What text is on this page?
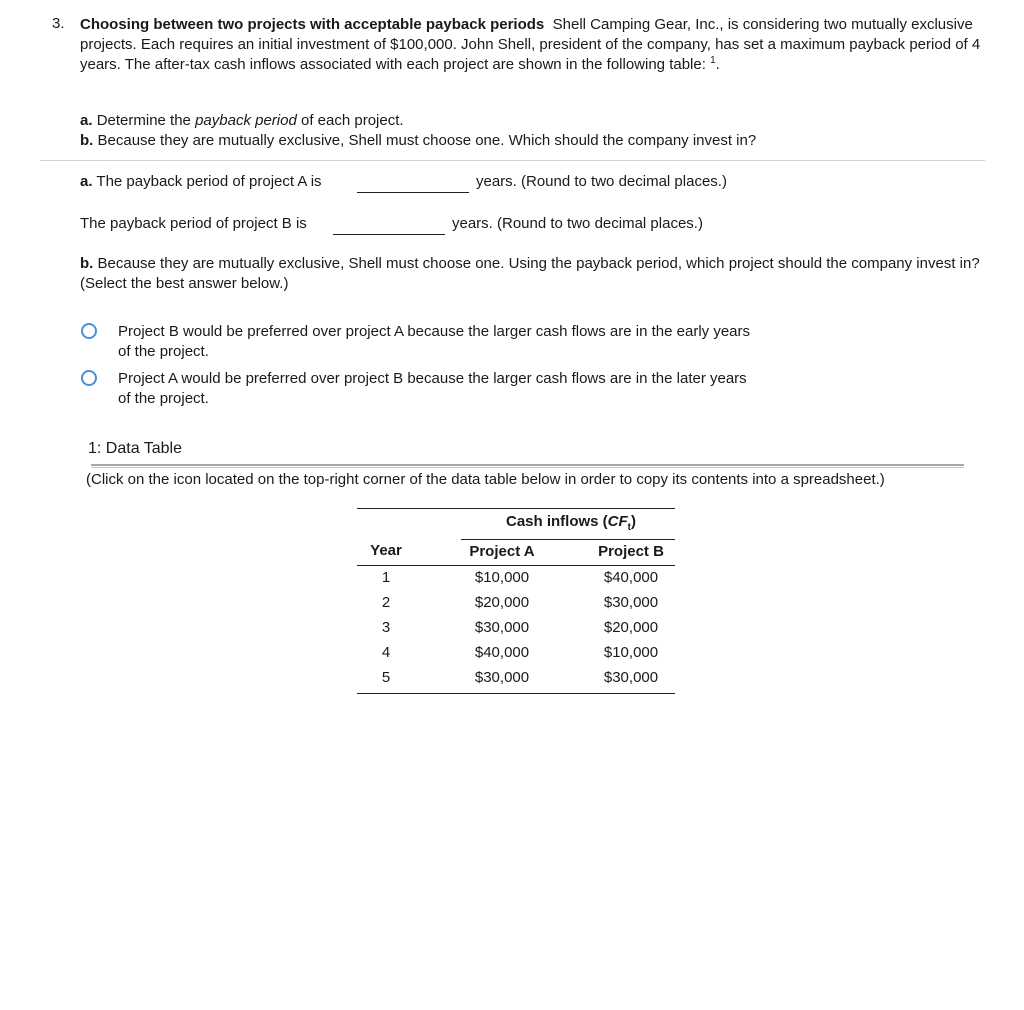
3. Choosing between two projects with acceptable payback periods Shell Camping Gear, Inc., is considering two mutually exclusive projects. Each requires an initial investment of $100,000. John Shell, president of the company, has set a maximum payback period of 4 years. The after-tax cash inflows associated with each project are shown in the following table: $^1$.
a. Determine the payback period of each project.
b. Because they are mutually exclusive, Shell must choose one. Which should the company invest in?
a. The payback period of project A is	years. (Round to two decimal places.)
The payback period of project B is	years. (Round to two decimal places.)
b. Because they are mutually exclusive, Shell must choose one. Using the payback period, which project should the company invest in? (Select the best answer below.)
Project B would be preferred over project A because the larger cash flows are in the early years
of the project.
Project A would be preferred over project B because the larger cash flows are in the later years
of the project.
1: Data Table
(Click on the icon located on the top-right corner of the data table below in order to copy its contents into a spreadsheet.)
Cash inflows $(CF_t)$
Year	Project A	Project B
1	$10,000	$40,000
2	$20,000	$30,000
3	$30,000	$20,000
4	$40,000	$10,000
5	$30,000	$30,000
